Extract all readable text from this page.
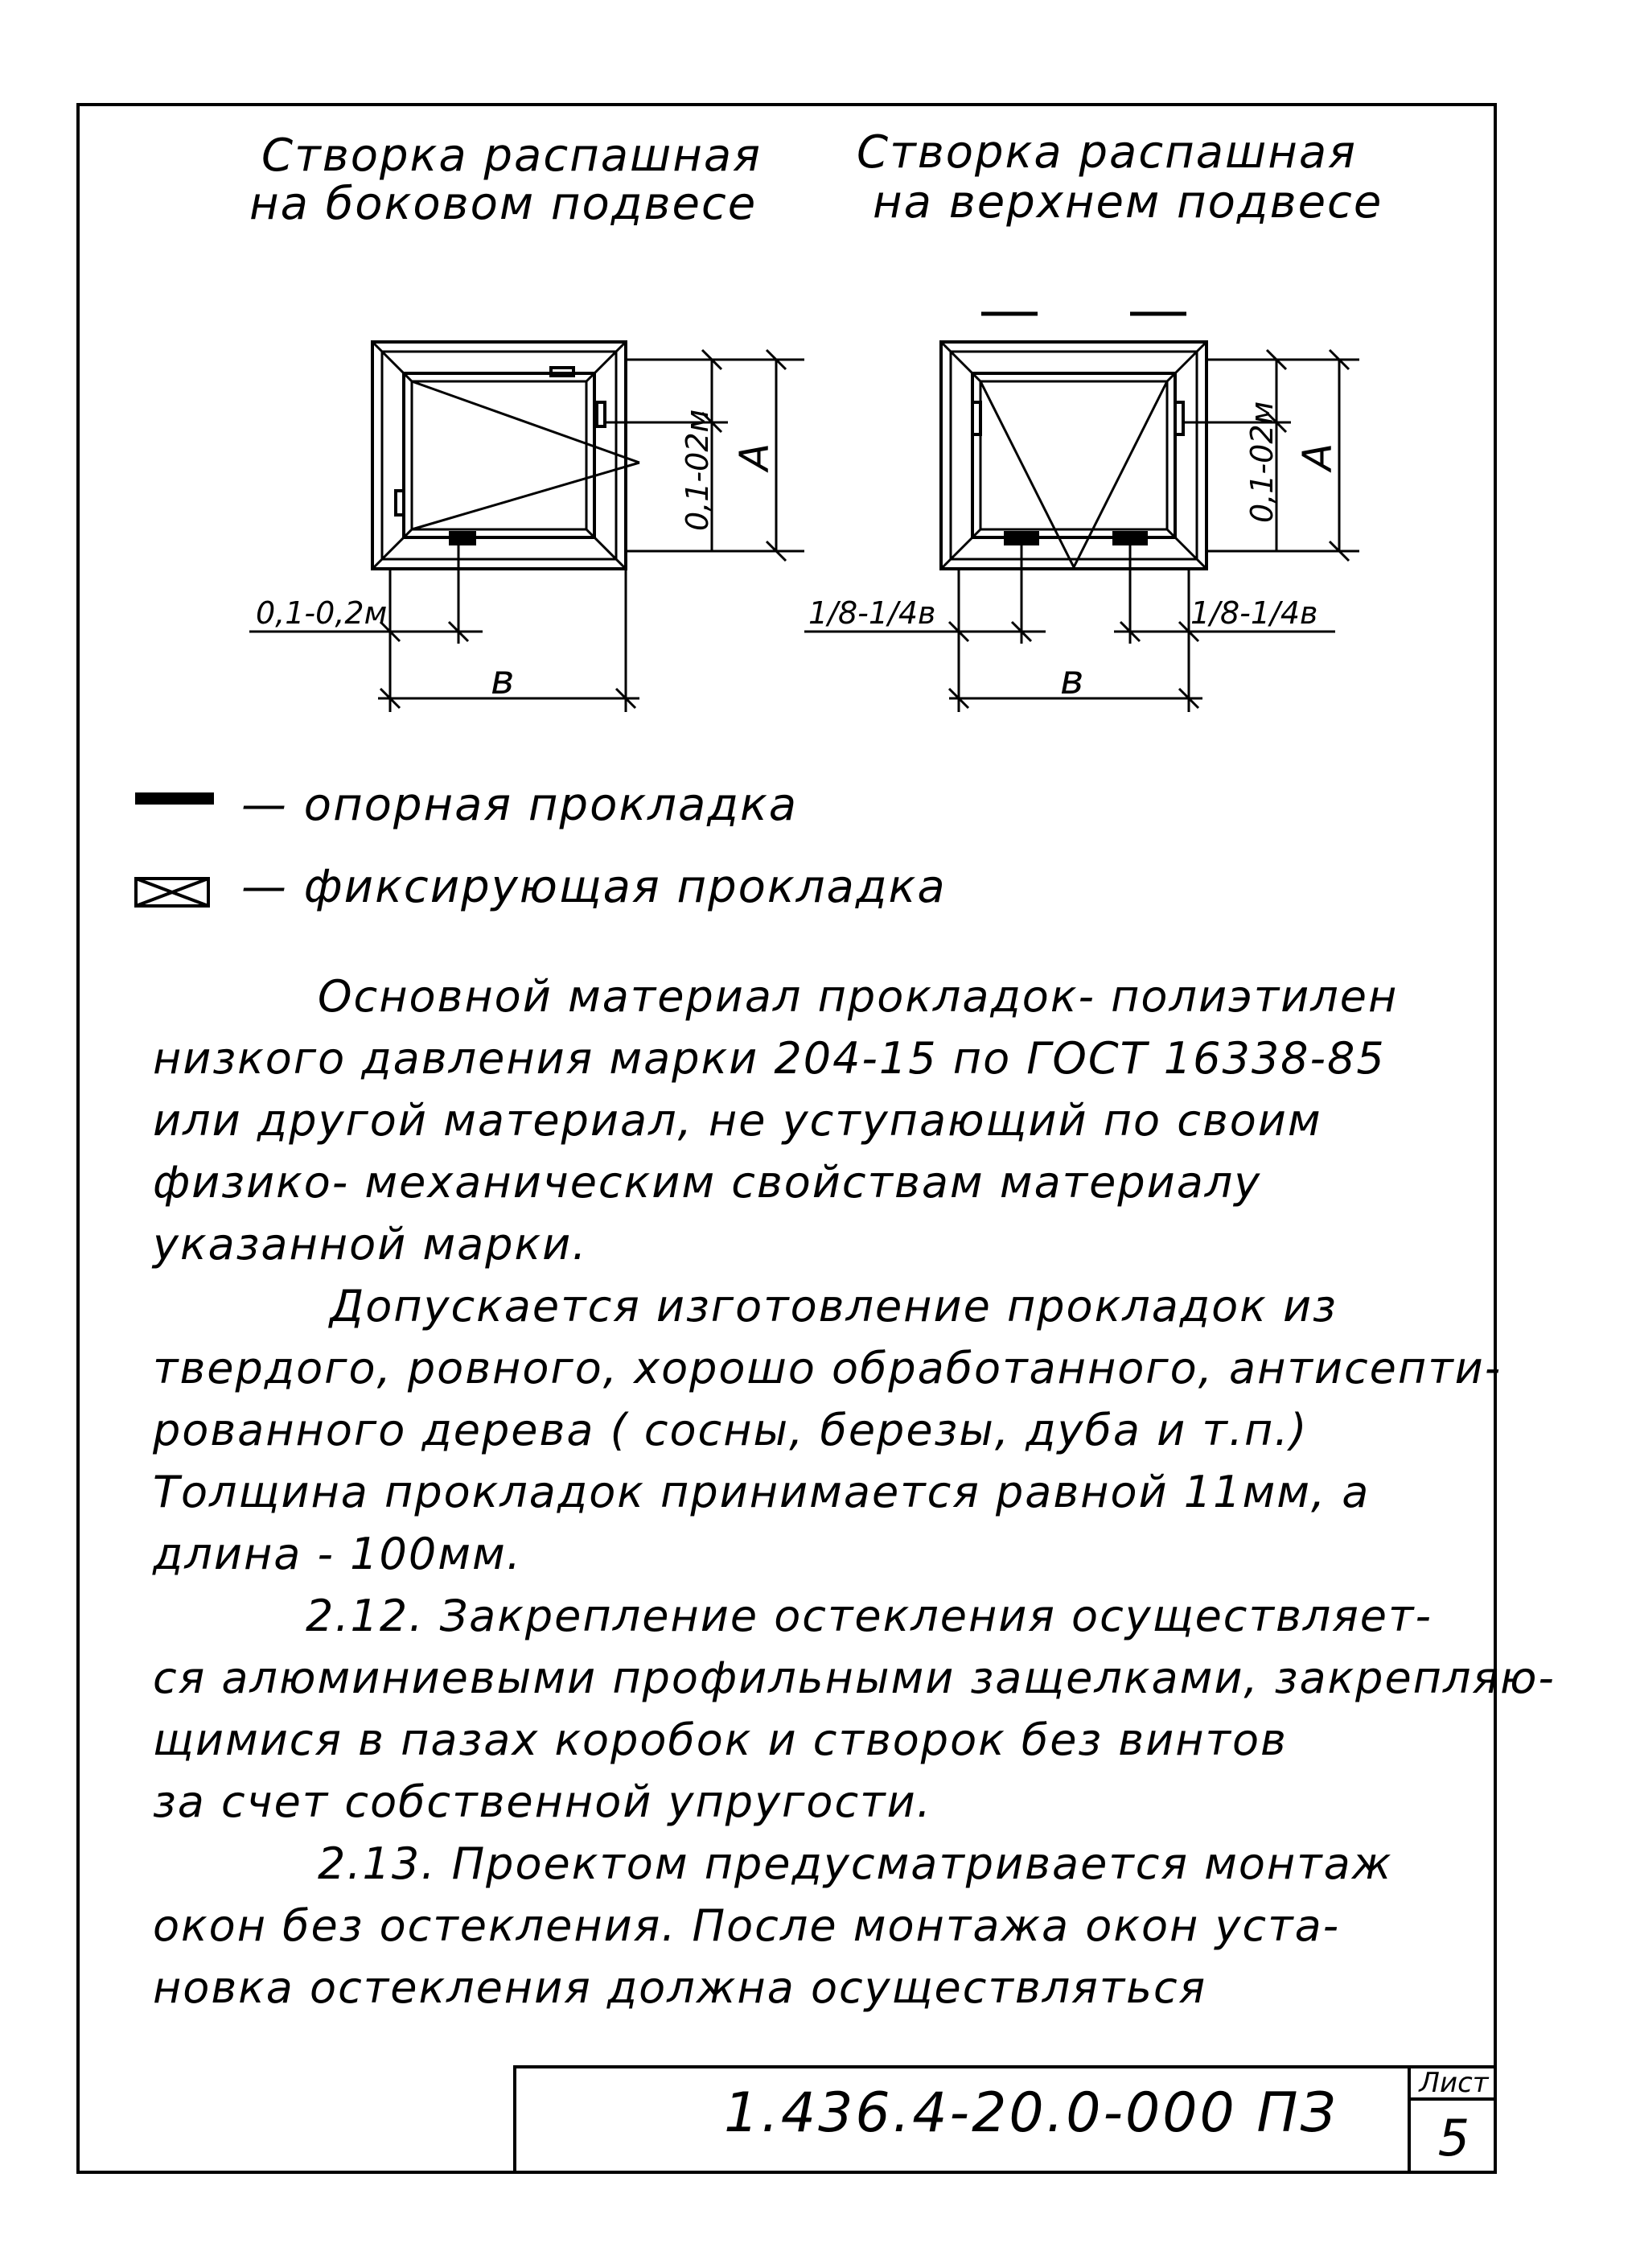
Створка распашная
на боковом подвесе
Створка распашная
на верхнем подвесе
0,1-02м A
0,1-0,2м
в
0,1-02м A
1/8-1/4в	1/8-1/4в
в
— опорная прокладка
— фиксирующая прокладка
Основной материал прокладок- полиэтилен
низкого давления марки 204-15 по ГОСТ 16338-85
или другой материал, не уступающий по своим
физико- механическим свойствам материалу
указанной марки.
Допускается изготовление прокладок из
твердого, ровного, хорошо обработанного, антисепти-
рованного дерева ( сосны, березы, дуба и т.п.)
Толщина прокладок принимается равной 11мм, а
длина - 100мм.
2.12. Закрепление остекления осуществляет-
ся алюминиевыми профильными защелками, закрепляю-
щимися в пазах коробок и створок без винтов
за счет собственной упругости.
2.13. Проектом предусматривается монтаж
окон без остекления. После монтажа окон уста-
новка остекления должна осуществляться
1.436.4-20.0-000 ПЗ	Лист
5
